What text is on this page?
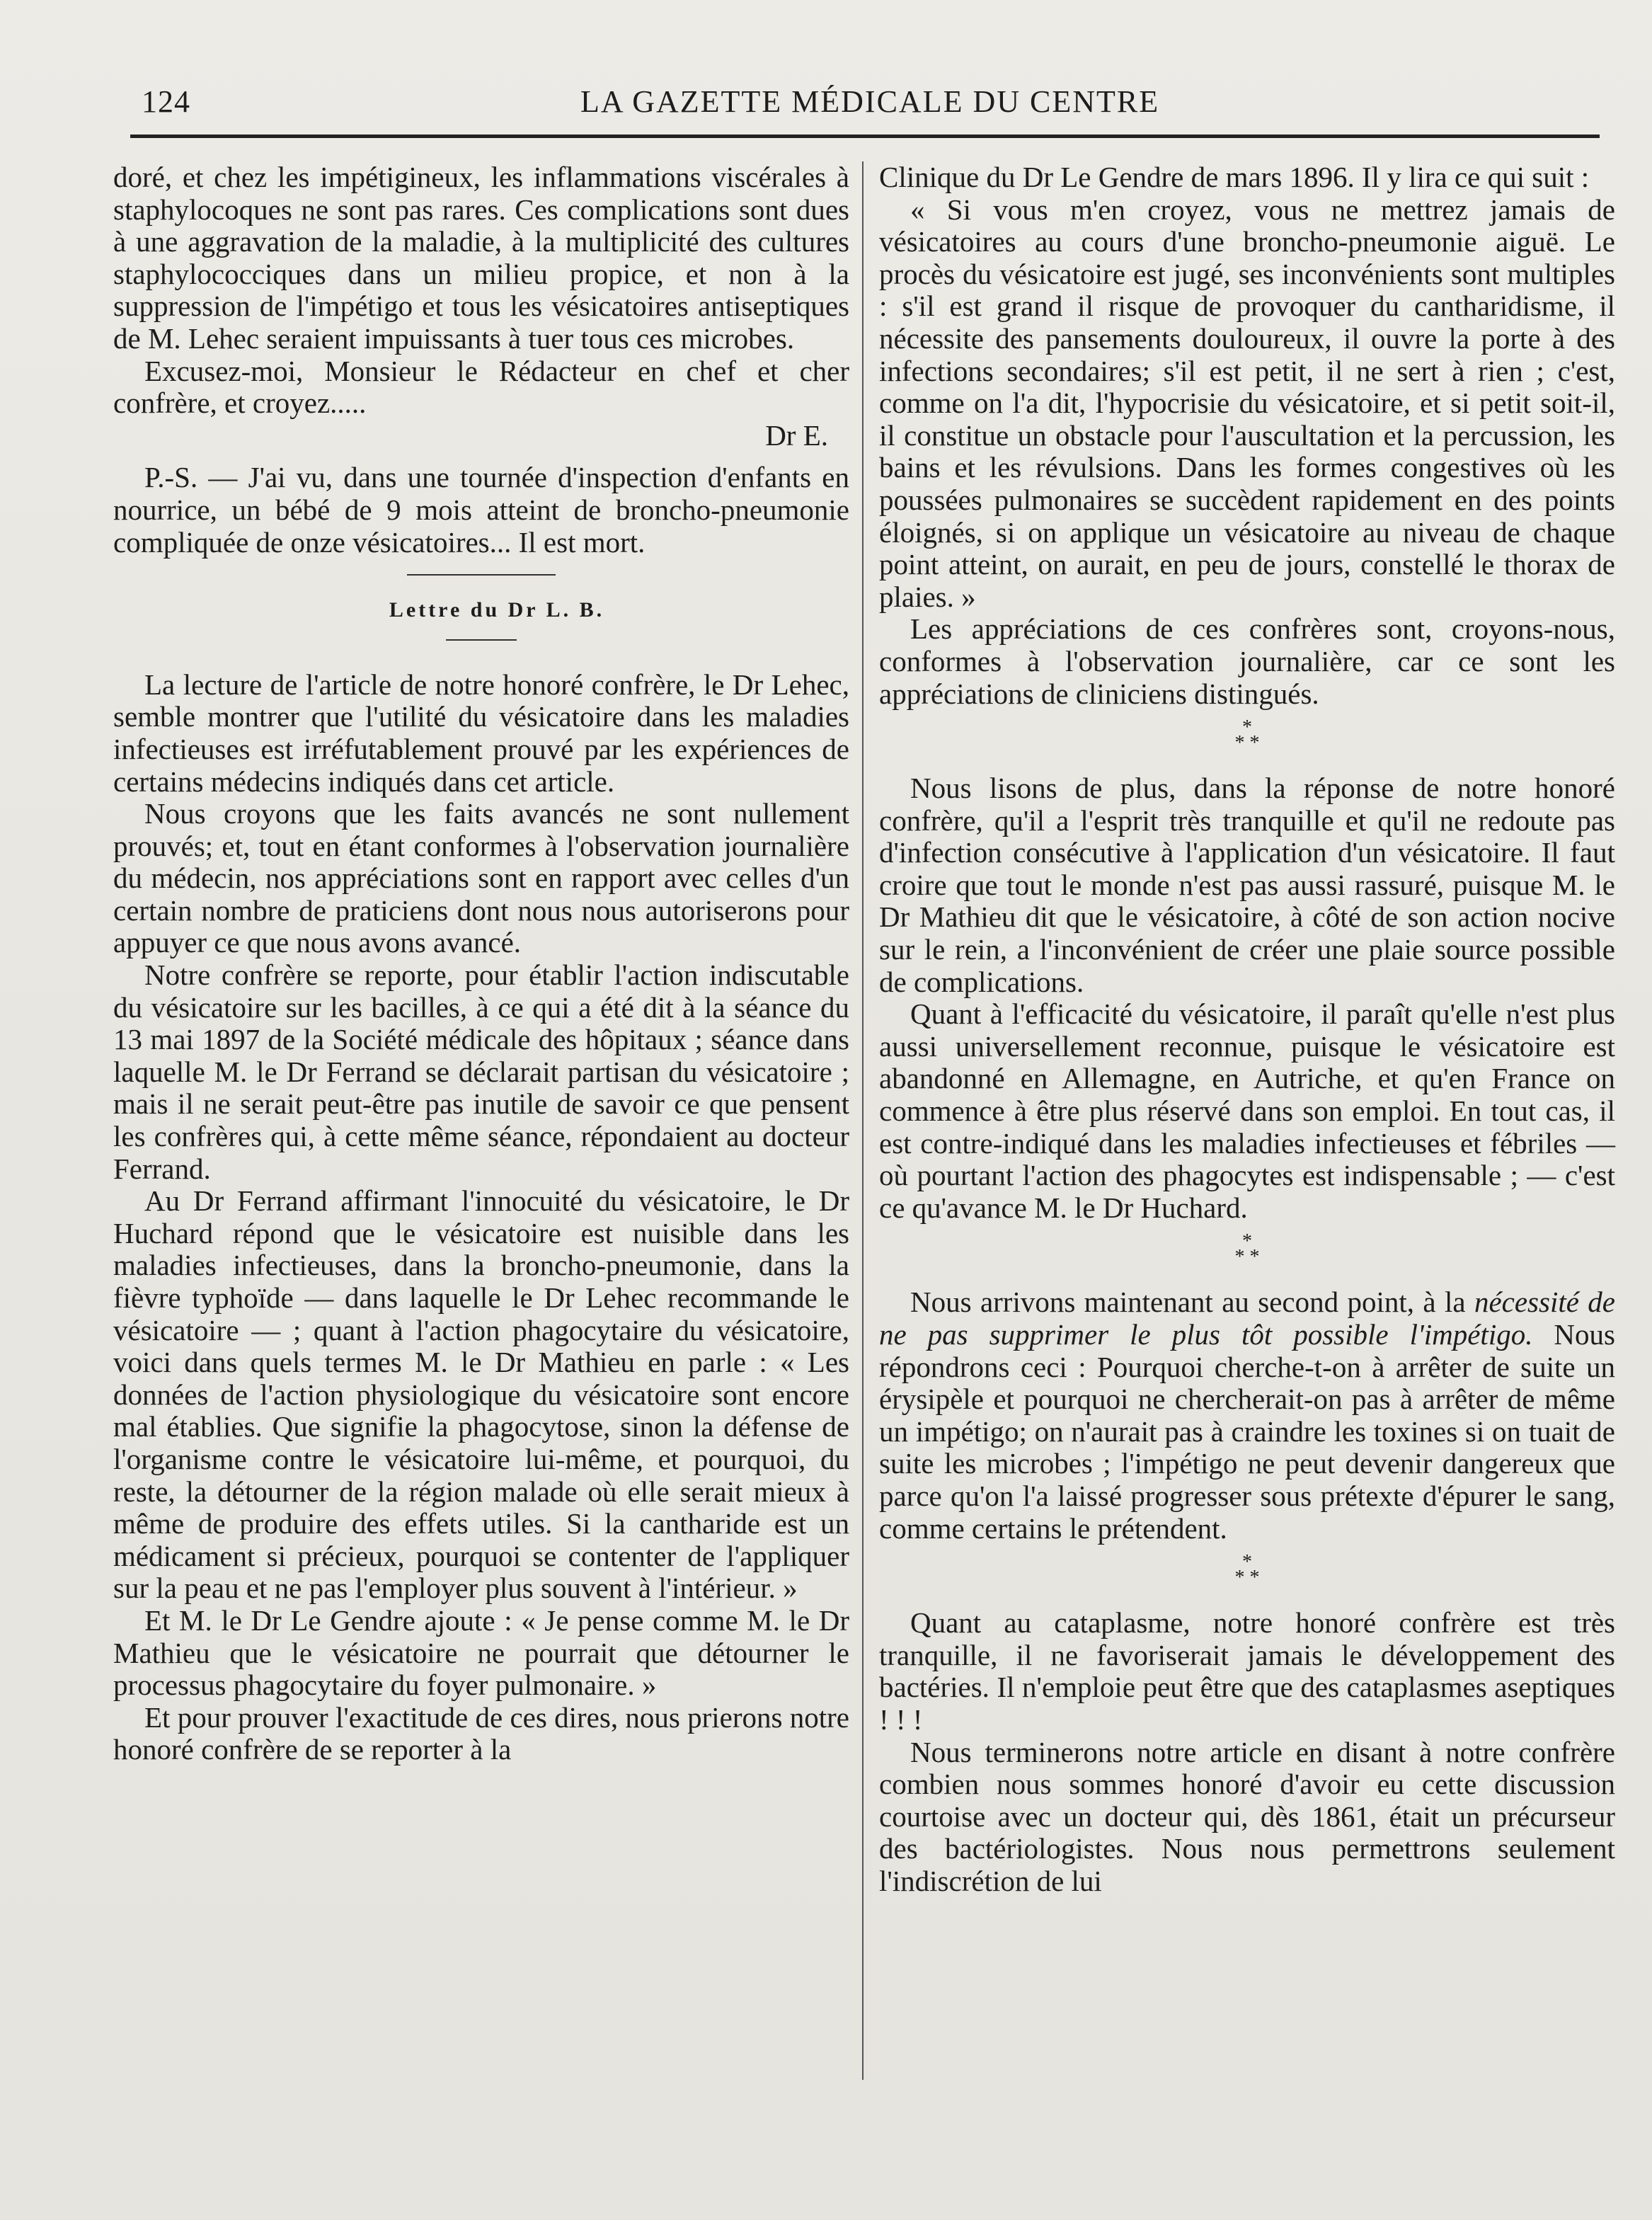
124	LA GAZETTE MÉDICALE DU CENTRE

doré, et chez les impétigineux, les inflammations viscérales à staphylocoques ne sont pas rares. Ces complications sont dues à une aggravation de la maladie, à la multiplicité des cultures staphylococciques dans un milieu propice, et non à la suppression de l'impétigo et tous les vésicatoires antiseptiques de M. Lehec seraient impuissants à tuer tous ces microbes.

Excusez-moi, Monsieur le Rédacteur en chef et cher confrère, et croyez.....

Dr E.

P.-S. — J'ai vu, dans une tournée d'inspection d'enfants en nourrice, un bébé de 9 mois atteint de broncho-pneumonie compliquée de onze vésicatoires... Il est mort.

Lettre du Dr L. B.

La lecture de l'article de notre honoré confrère, le Dr Lehec, semble montrer que l'utilité du vésicatoire dans les maladies infectieuses est irréfutablement prouvé par les expériences de certains médecins indiqués dans cet article.

Nous croyons que les faits avancés ne sont nullement prouvés; et, tout en étant conformes à l'observation journalière du médecin, nos appréciations sont en rapport avec celles d'un certain nombre de praticiens dont nous nous autoriserons pour appuyer ce que nous avons avancé.

Notre confrère se reporte, pour établir l'action indiscutable du vésicatoire sur les bacilles, à ce qui a été dit à la séance du 13 mai 1897 de la Société médicale des hôpitaux ; séance dans laquelle M. le Dr Ferrand se déclarait partisan du vésicatoire ; mais il ne serait peut-être pas inutile de savoir ce que pensent les confrères qui, à cette même séance, répondaient au docteur Ferrand.

Au Dr Ferrand affirmant l'innocuité du vésicatoire, le Dr Huchard répond que le vésicatoire est nuisible dans les maladies infectieuses, dans la broncho-pneumonie, dans la fièvre typhoïde — dans laquelle le Dr Lehec recommande le vésicatoire — ; quant à l'action phagocytaire du vésicatoire, voici dans quels termes M. le Dr Mathieu en parle : « Les données de l'action physiologique du vésicatoire sont encore mal établies. Que signifie la phagocytose, sinon la défense de l'organisme contre le vésicatoire lui-même, et pourquoi, du reste, la détourner de la région malade où elle serait mieux à même de produire des effets utiles. Si la cantharide est un médicament si précieux, pourquoi se contenter de l'appliquer sur la peau et ne pas l'employer plus souvent à l'intérieur. »

Et M. le Dr Le Gendre ajoute : « Je pense comme M. le Dr Mathieu que le vésicatoire ne pourrait que détourner le processus phagocytaire du foyer pulmonaire. »

Et pour prouver l'exactitude de ces dires, nous prierons notre honoré confrère de se reporter à la

Clinique du Dr Le Gendre de mars 1896. Il y lira ce qui suit :

« Si vous m'en croyez, vous ne mettrez jamais de vésicatoires au cours d'une broncho-pneumonie aiguë. Le procès du vésicatoire est jugé, ses inconvénients sont multiples : s'il est grand il risque de provoquer du cantharidisme, il nécessite des pansements douloureux, il ouvre la porte à des infections secondaires; s'il est petit, il ne sert à rien ; c'est, comme on l'a dit, l'hypocrisie du vésicatoire, et si petit soit-il, il constitue un obstacle pour l'auscultation et la percussion, les bains et les révulsions. Dans les formes congestives où les poussées pulmonaires se succèdent rapidement en des points éloignés, si on applique un vésicatoire au niveau de chaque point atteint, on aurait, en peu de jours, constellé le thorax de plaies. »

Les appréciations de ces confrères sont, croyons-nous, conformes à l'observation journalière, car ce sont les appréciations de cliniciens distingués.

*
* *

Nous lisons de plus, dans la réponse de notre honoré confrère, qu'il a l'esprit très tranquille et qu'il ne redoute pas d'infection consécutive à l'application d'un vésicatoire. Il faut croire que tout le monde n'est pas aussi rassuré, puisque M. le Dr Mathieu dit que le vésicatoire, à côté de son action nocive sur le rein, a l'inconvénient de créer une plaie source possible de complications.

Quant à l'efficacité du vésicatoire, il paraît qu'elle n'est plus aussi universellement reconnue, puisque le vésicatoire est abandonné en Allemagne, en Autriche, et qu'en France on commence à être plus réservé dans son emploi. En tout cas, il est contre-indiqué dans les maladies infectieuses et fébriles — où pourtant l'action des phagocytes est indispensable ; — c'est ce qu'avance M. le Dr Huchard.

*
* *

Nous arrivons maintenant au second point, à la nécessité de ne pas supprimer le plus tôt possible l'impétigo. Nous répondrons ceci : Pourquoi cherche-t-on à arrêter de suite un érysipèle et pourquoi ne chercherait-on pas à arrêter de même un impétigo; on n'aurait pas à craindre les toxines si on tuait de suite les microbes ; l'impétigo ne peut devenir dangereux que parce qu'on l'a laissé progresser sous prétexte d'épurer le sang, comme certains le prétendent.

*
* *

Quant au cataplasme, notre honoré confrère est très tranquille, il ne favoriserait jamais le développement des bactéries. Il n'emploie peut être que des cataplasmes aseptiques ! ! !

Nous terminerons notre article en disant à notre confrère combien nous sommes honoré d'avoir eu cette discussion courtoise avec un docteur qui, dès 1861, était un précurseur des bactériologistes. Nous nous permettrons seulement l'indiscrétion de lui
